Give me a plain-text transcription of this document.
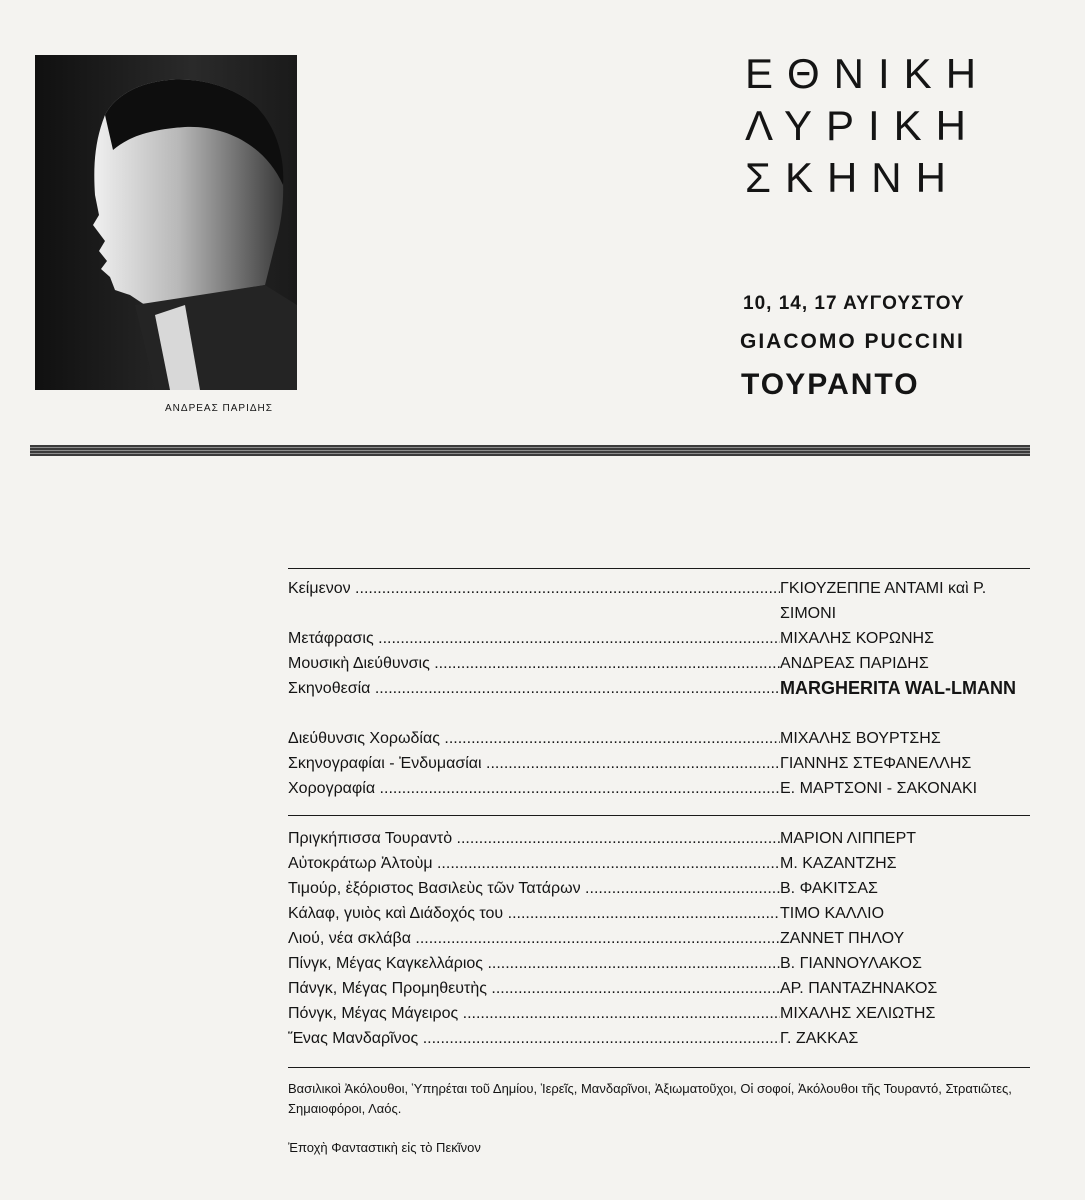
ΑΝΔΡΕΑΣ ΠΑΡΙΔΗΣ
ΕΘΝΙΚΗ
ΛΥΡΙΚΗ
ΣΚΗΝΗ
10, 14, 17 ΑΥΓΟΥΣΤΟΥ
GIACOMO PUCCINI
ΤΟΥΡΑΝΤΟ
Κείμενον .....	ΓΚΙΟΥΖΕΠΠΕ ΑΝΤΑΜΙ καὶ Ρ. ΣΙΜΟΝΙ
Μετάφρασις .....	ΜΙΧΑΛΗΣ ΚΟΡΩΝΗΣ
Μουσικὴ Διεύθυνσις .....	ΑΝΔΡΕΑΣ ΠΑΡΙΔΗΣ
Σκηνοθεσία .....	MARGHERITA WAL-LMANN
Διεύθυνσις Χορωδίας .....	ΜΙΧΑΛΗΣ ΒΟΥΡΤΣΗΣ
Σκηνογραφίαι - Ἐνδυμασίαι .....	ΓΙΑΝΝΗΣ ΣΤΕΦΑΝΕΛΛΗΣ
Χορογραφία .....	Ε. ΜΑΡΤΣΟΝΙ - ΣΑΚΟΝΑΚΙ
Πριγκήπισσα Τουραντὸ .....	ΜΑΡΙΟΝ ΛΙΠΠΕΡΤ
Αὐτοκράτωρ Ἀλτοὺμ .....	Μ. ΚΑΖΑΝΤΖΗΣ
Τιμούρ, ἐξόριστος Βασιλεὺς τῶν Τατάρων .....	Β. ΦΑΚΙΤΣΑΣ
Κάλαφ, γυιὸς καὶ Διάδοχός του .....	ΤΙΜΟ ΚΑΛΛΙΟ
Λιού, νέα σκλάβα .....	ΖΑΝΝΕΤ ΠΗΛΟΥ
Πίνγκ, Μέγας Καγκελλάριος .....	Β. ΓΙΑΝΝΟΥΛΑΚΟΣ
Πάνγκ, Μέγας Προμηθευτὴς .....	ΑΡ. ΠΑΝΤΑΖΗΝΑΚΟΣ
Πόνγκ, Μέγας Μάγειρος .....	ΜΙΧΑΛΗΣ ΧΕΛΙΩΤΗΣ
Ἕνας Μανδαρῖνος .....	Γ. ΖΑΚΚΑΣ
Βασιλικοὶ Ἀκόλουθοι, Ὑπηρέται τοῦ Δημίου, Ἱερεῖς, Μανδαρῖνοι, Ἀξιωματοῦχοι, Οἱ σοφοί, Ἀκόλουθοι τῆς Τουραντό, Στρατιῶτες, Σημαιοφόροι, Λαός.
Ἐποχὴ Φανταστικὴ εἰς τὸ Πεκῖνον
